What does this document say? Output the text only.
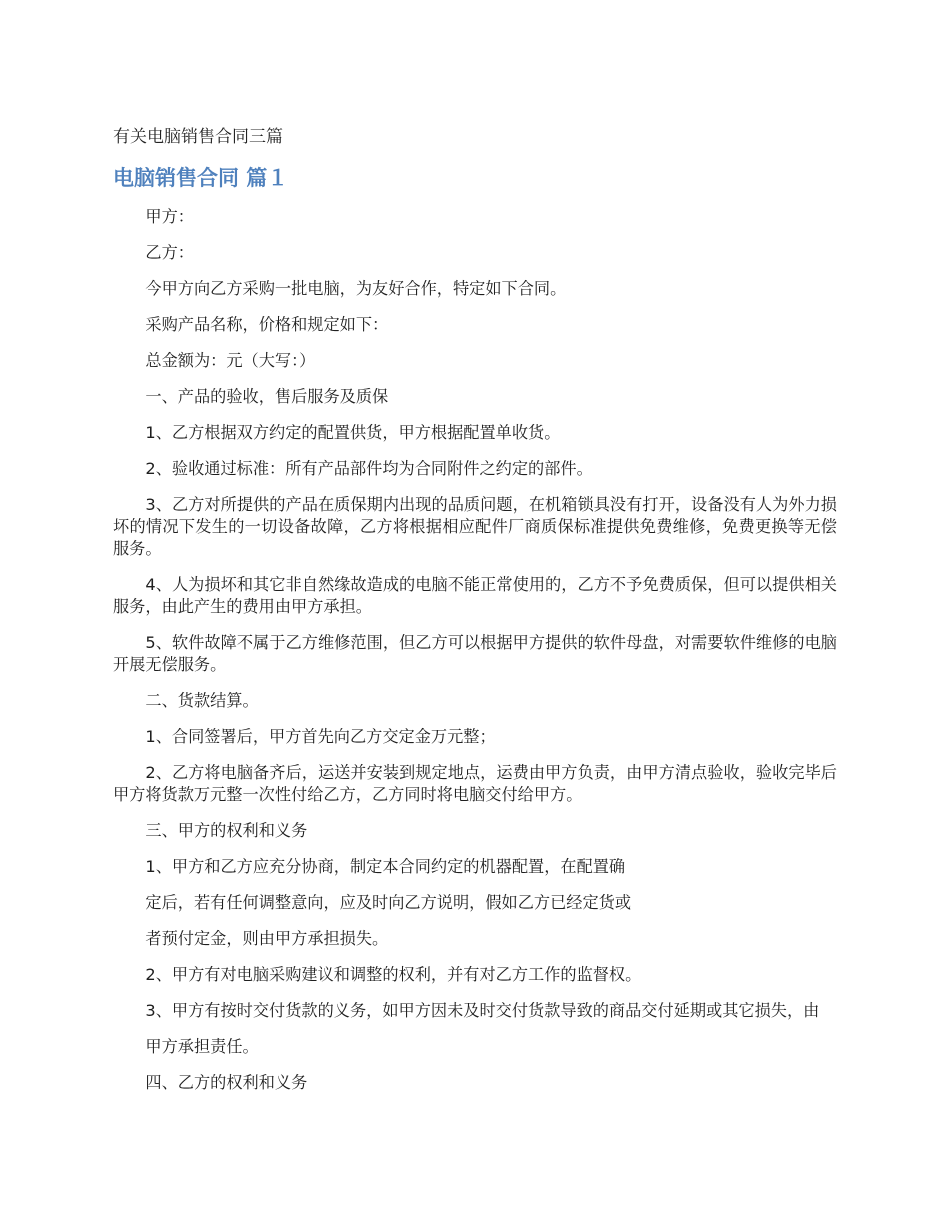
有关电脑销售合同三篇
电脑销售合同 篇１

甲方：

乙方：

今甲方向乙方采购一批电脑，为友好合作，特定如下合同。

采购产品名称，价格和规定如下：

总金额为：元（大写：）

一、产品的验收，售后服务及质保

1、乙方根据双方约定的配置供货，甲方根据配置单收货。

2、验收通过标准：所有产品部件均为合同附件之约定的部件。

3、乙方对所提供的产品在质保期内出现的品质问题，在机箱锁具没有打开，设备没有人为外力损坏的情况下发生的一切设备故障，乙方将根据相应配件厂商质保标准提供免费维修，免费更换等无偿服务。

4、人为损坏和其它非自然缘故造成的电脑不能正常使用的，乙方不予免费质保，但可以提供相关服务，由此产生的费用由甲方承担。

5、软件故障不属于乙方维修范围，但乙方可以根据甲方提供的软件母盘，对需要软件维修的电脑开展无偿服务。

二、货款结算。

1、合同签署后，甲方首先向乙方交定金万元整；

2、乙方将电脑备齐后，运送并安装到规定地点，运费由甲方负责，由甲方清点验收，验收完毕后甲方将货款万元整一次性付给乙方，乙方同时将电脑交付给甲方。

三、甲方的权利和义务

1、甲方和乙方应充分协商，制定本合同约定的机器配置，在配置确

定后，若有任何调整意向，应及时向乙方说明，假如乙方已经定货或

者预付定金，则由甲方承担损失。

2、甲方有对电脑采购建议和调整的权利，并有对乙方工作的监督权。

3、甲方有按时交付货款的义务，如甲方因未及时交付货款导致的商品交付延期或其它损失，由

甲方承担责任。

四、乙方的权利和义务
